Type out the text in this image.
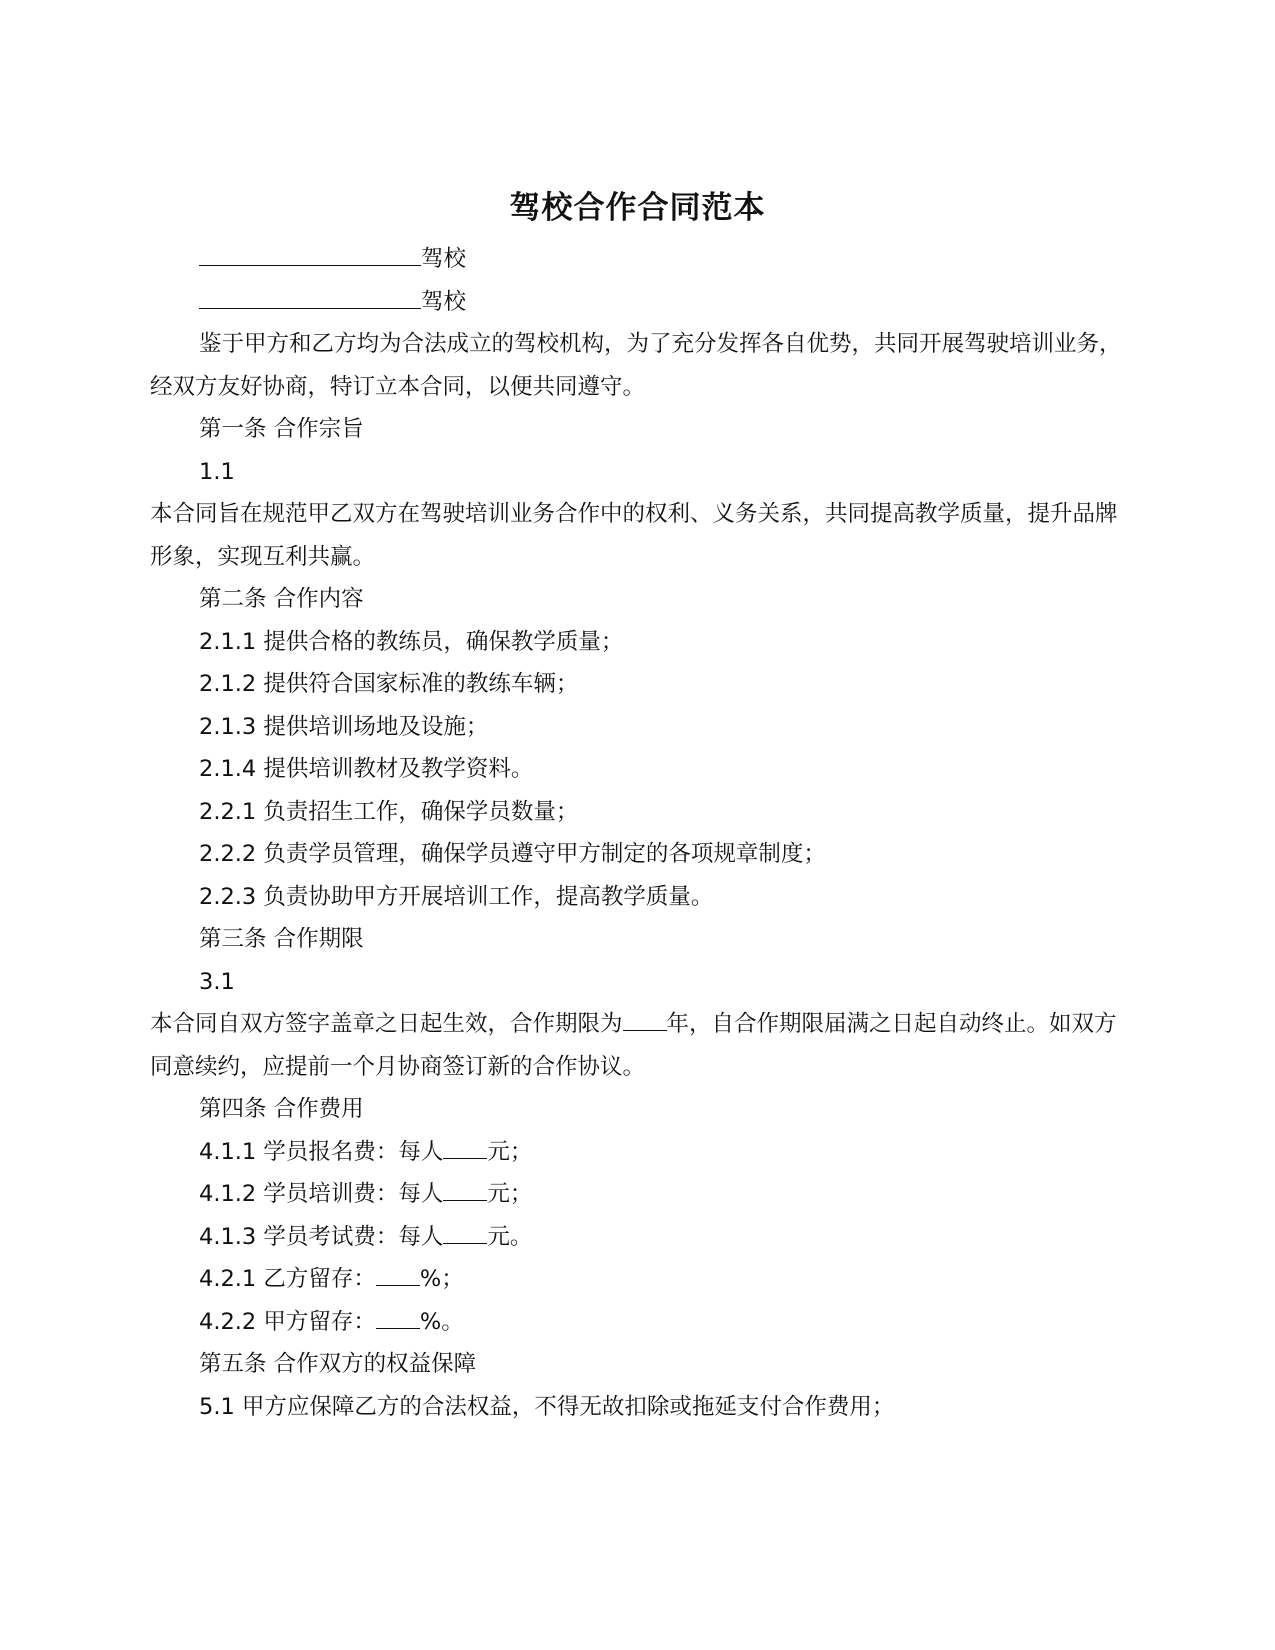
驾校合作合同范本
驾校
驾校
鉴于甲方和乙方均为合法成立的驾校机构，为了充分发挥各自优势，共同开展驾驶培训业务，经双方友好协商，特订立本合同，以便共同遵守。
第一条 合作宗旨
1.1
本合同旨在规范甲乙双方在驾驶培训业务合作中的权利、义务关系，共同提高教学质量，提升品牌形象，实现互利共赢。
第二条 合作内容
2.1.1 提供合格的教练员，确保教学质量；
2.1.2 提供符合国家标准的教练车辆；
2.1.3 提供培训场地及设施；
2.1.4 提供培训教材及教学资料。
2.2.1 负责招生工作，确保学员数量；
2.2.2 负责学员管理，确保学员遵守甲方制定的各项规章制度；
2.2.3 负责协助甲方开展培训工作，提高教学质量。
第三条 合作期限
3.1
本合同自双方签字盖章之日起生效，合作期限为 年，自合作期限届满之日起自动终止。如双方同意续约，应提前一个月协商签订新的合作协议。
第四条 合作费用
4.1.1 学员报名费：每人 元；
4.1.2 学员培训费：每人 元；
4.1.3 学员考试费：每人 元。
4.2.1 乙方留存： %；
4.2.2 甲方留存： %。
第五条 合作双方的权益保障
5.1 甲方应保障乙方的合法权益，不得无故扣除或拖延支付合作费用；
